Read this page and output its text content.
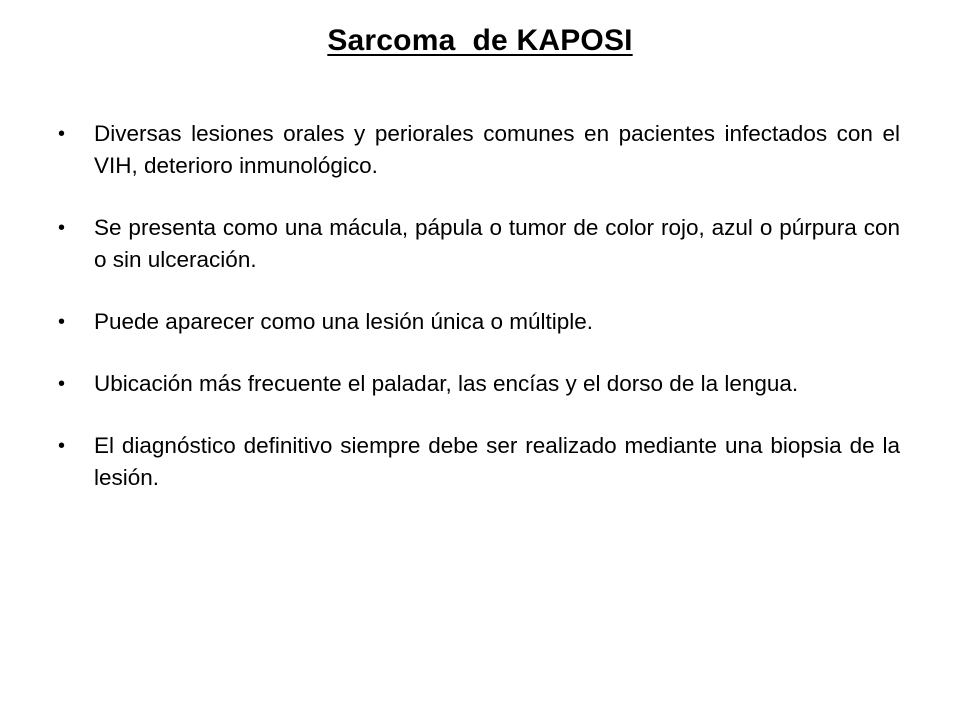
Sarcoma  de KAPOSI
•	Diversas lesiones orales y periorales comunes en pacientes infectados con el VIH, deterioro inmunológico.
•	Se presenta como una mácula, pápula o tumor de color rojo, azul o púrpura con o sin ulceración.
•	Puede aparecer como una lesión única o múltiple.
•	Ubicación más frecuente el paladar, las encías y el dorso de la lengua.
•	El diagnóstico definitivo siempre debe ser realizado mediante una biopsia de la lesión.
